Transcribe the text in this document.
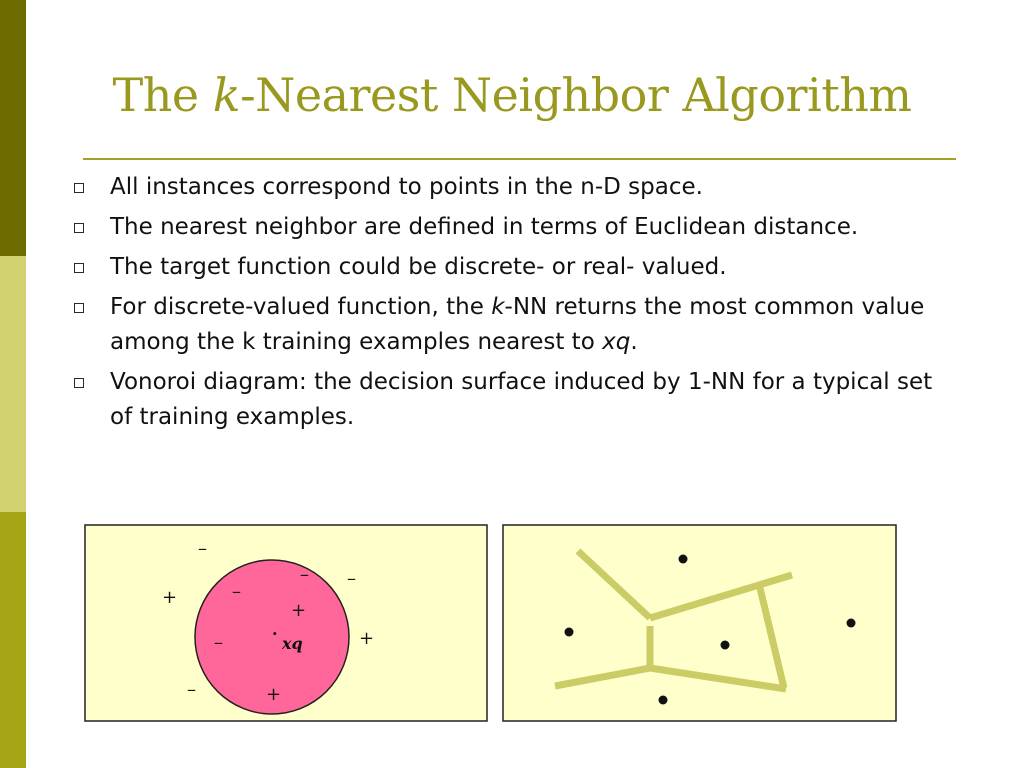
The k-Nearest Neighbor Algorithm
All instances correspond to points in the n-D space.
The nearest neighbor are defined in terms of Euclidean distance.
The target function could be discrete- or real- valued.
For discrete-valued function, the k-NN returns the most common value among the k training examples nearest to xq.
Vonoroi diagram: the decision surface induced by 1-NN for a typical set of training examples.
–
– –
–
–
–
+
+
+
+
.
xq
